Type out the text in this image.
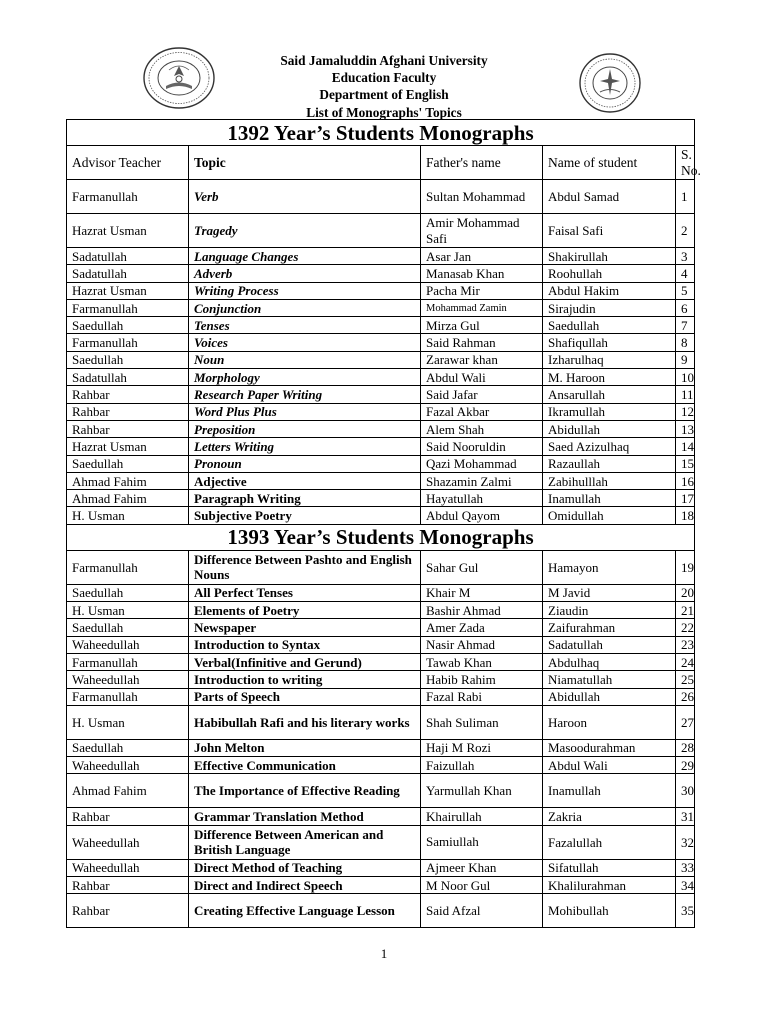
Said Jamaluddin Afghani University
Education Faculty
Department of English
List of Monographs' Topics
1392 Year’s Students Monographs				
Advisor Teacher	Topic	Father's name	Name of student	S. No.
Farmanullah	Verb	Sultan Mohammad	Abdul Samad	1
Hazrat Usman	Tragedy	Amir Mohammad Safi	Faisal Safi	2
Sadatullah	Language Changes	Asar Jan	Shakirullah	3
Sadatullah	Adverb	Manasab Khan	Roohullah	4
Hazrat Usman	Writing Process	Pacha Mir	Abdul Hakim	5
Farmanullah	Conjunction	Mohammad Zamin	Sirajudin	6
Saedullah	Tenses	Mirza Gul	Saedullah	7
Farmanullah	Voices	Said Rahman	Shafiqullah	8
Saedullah	Noun	Zarawar khan	Izharulhaq	9
Sadatullah	Morphology	Abdul Wali	M. Haroon	10
Rahbar	Research Paper Writing	Said Jafar	Ansarullah	11
Rahbar	Word Plus Plus	Fazal Akbar	Ikramullah	12
Rahbar	Preposition	Alem Shah	Abidullah	13
Hazrat Usman	Letters Writing	Said Nooruldin	Saed Azizulhaq	14
Saedullah	Pronoun	Qazi Mohammad	Razaullah	15
Ahmad Fahim	Adjective	Shazamin Zalmi	Zabihulllah	16
Ahmad Fahim	Paragraph Writing	Hayatullah	Inamullah	17
H. Usman	Subjective Poetry	Abdul Qayom	Omidullah	18
1393 Year’s Students Monographs				
Farmanullah	Difference Between Pashto and English Nouns	Sahar Gul	Hamayon	19
Saedullah	All Perfect Tenses	Khair M	M Javid	20
H. Usman	Elements of Poetry	Bashir Ahmad	Ziaudin	21
Saedullah	Newspaper	Amer Zada	Zaifurahman	22
Waheedullah	Introduction to Syntax	Nasir Ahmad	Sadatullah	23
Farmanullah	Verbal(Infinitive and Gerund)	Tawab Khan	Abdulhaq	24
Waheedullah	Introduction to writing	Habib Rahim	Niamatullah	25
Farmanullah	Parts of Speech	Fazal Rabi	Abidullah	26
H. Usman	Habibullah Rafi and his literary works	Shah Suliman	Haroon	27
Saedullah	John Melton	Haji M Rozi	Masoodurahman	28
Waheedullah	Effective Communication	Faizullah	Abdul Wali	29
Ahmad Fahim	The Importance of Effective Reading	Yarmullah Khan	Inamullah	30
Rahbar	Grammar Translation Method	Khairullah	Zakria	31
Waheedullah	Difference Between American and British Language	Samiullah	Fazalullah	32
Waheedullah	Direct Method of Teaching	Ajmeer Khan	Sifatullah	33
Rahbar	Direct and Indirect Speech	M Noor Gul	Khalilurahman	34
Rahbar	Creating Effective Language Lesson	Said Afzal	Mohibullah	35
1
